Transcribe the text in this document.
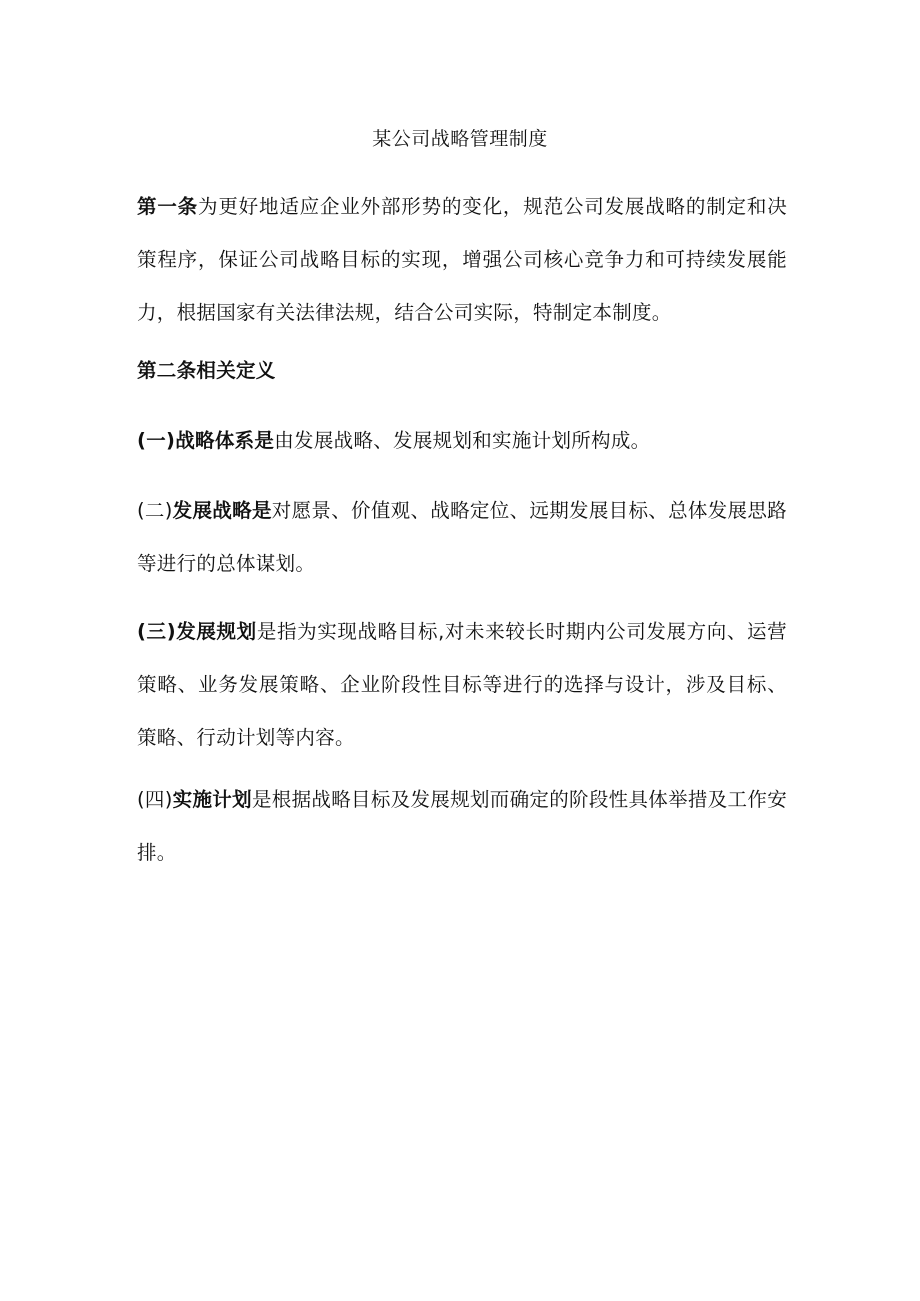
某公司战略管理制度

第一条为更好地适应企业外部形势的变化，规范公司发展战略的制定和决策程序，保证公司战略目标的实现，增强公司核心竞争力和可持续发展能力，根据国家有关法律法规，结合公司实际，特制定本制度。

第二条相关定义

(一)战略体系是由发展战略、发展规划和实施计划所构成。

(二)发展战略是对愿景、价值观、战略定位、远期发展目标、总体发展思路等进行的总体谋划。

(三)发展规划是指为实现战略目标,对未来较长时期内公司发展方向、运营策略、业务发展策略、企业阶段性目标等进行的选择与设计，涉及目标、策略、行动计划等内容。

(四)实施计划是根据战略目标及发展规划而确定的阶段性具体举措及工作安排。
